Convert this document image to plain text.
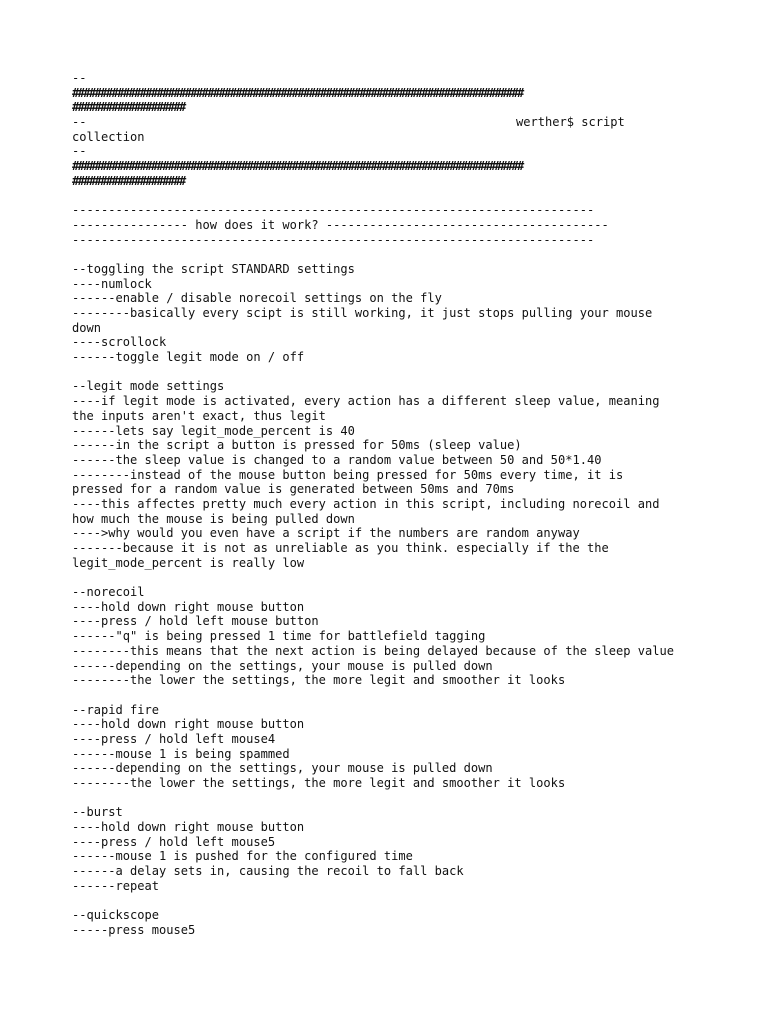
--
################################################################################
####################
--	werther$ script
collection
--
################################################################################
####################
------------------------------------------------------------------------
---------------- how does it work? ---------------------------------------
------------------------------------------------------------------------
--toggling the script STANDARD settings
----numlock
------enable / disable norecoil settings on the fly
--------basically every scipt is still working, it just stops pulling your mouse
down
----scrollock
------toggle legit mode on / off
--legit mode settings
----if legit mode is activated, every action has a different sleep value, meaning
the inputs aren't exact, thus legit
------lets say legit_mode_percent is 40
------in the script a button is pressed for 50ms (sleep value)
------the sleep value is changed to a random value between 50 and 50*1.40
--------instead of the mouse button being pressed for 50ms every time, it is
pressed for a random value is generated between 50ms and 70ms
----this affectes pretty much every action in this script, including norecoil and
how much the mouse is being pulled down
---->why would you even have a script if the numbers are random anyway
-------because it is not as unreliable as you think. especially if the the
legit_mode_percent is really low
--norecoil
----hold down right mouse button
----press / hold left mouse button
------"q" is being pressed 1 time for battlefield tagging
--------this means that the next action is being delayed because of the sleep value
------depending on the settings, your mouse is pulled down
--------the lower the settings, the more legit and smoother it looks
--rapid fire
----hold down right mouse button
----press / hold left mouse4
------mouse 1 is being spammed
------depending on the settings, your mouse is pulled down
--------the lower the settings, the more legit and smoother it looks
--burst
----hold down right mouse button
----press / hold left mouse5
------mouse 1 is pushed for the configured time
------a delay sets in, causing the recoil to fall back
------repeat
--quickscope
-----press mouse5
